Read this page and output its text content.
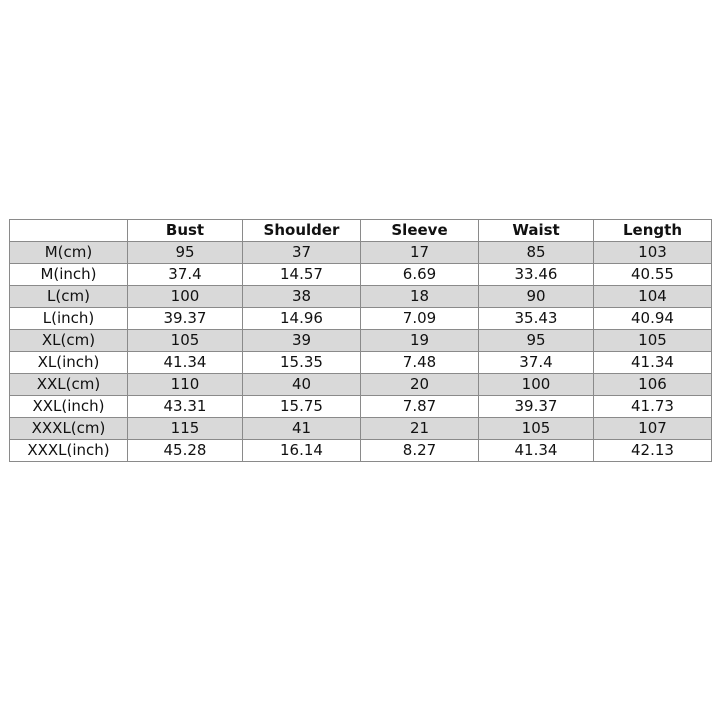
	Bust	Shoulder	Sleeve	Waist	Length
M(cm)	95	37	17	85	103
M(inch)	37.4	14.57	6.69	33.46	40.55
L(cm)	100	38	18	90	104
L(inch)	39.37	14.96	7.09	35.43	40.94
XL(cm)	105	39	19	95	105
XL(inch)	41.34	15.35	7.48	37.4	41.34
XXL(cm)	110	40	20	100	106
XXL(inch)	43.31	15.75	7.87	39.37	41.73
XXXL(cm)	115	41	21	105	107
XXXL(inch)	45.28	16.14	8.27	41.34	42.13
